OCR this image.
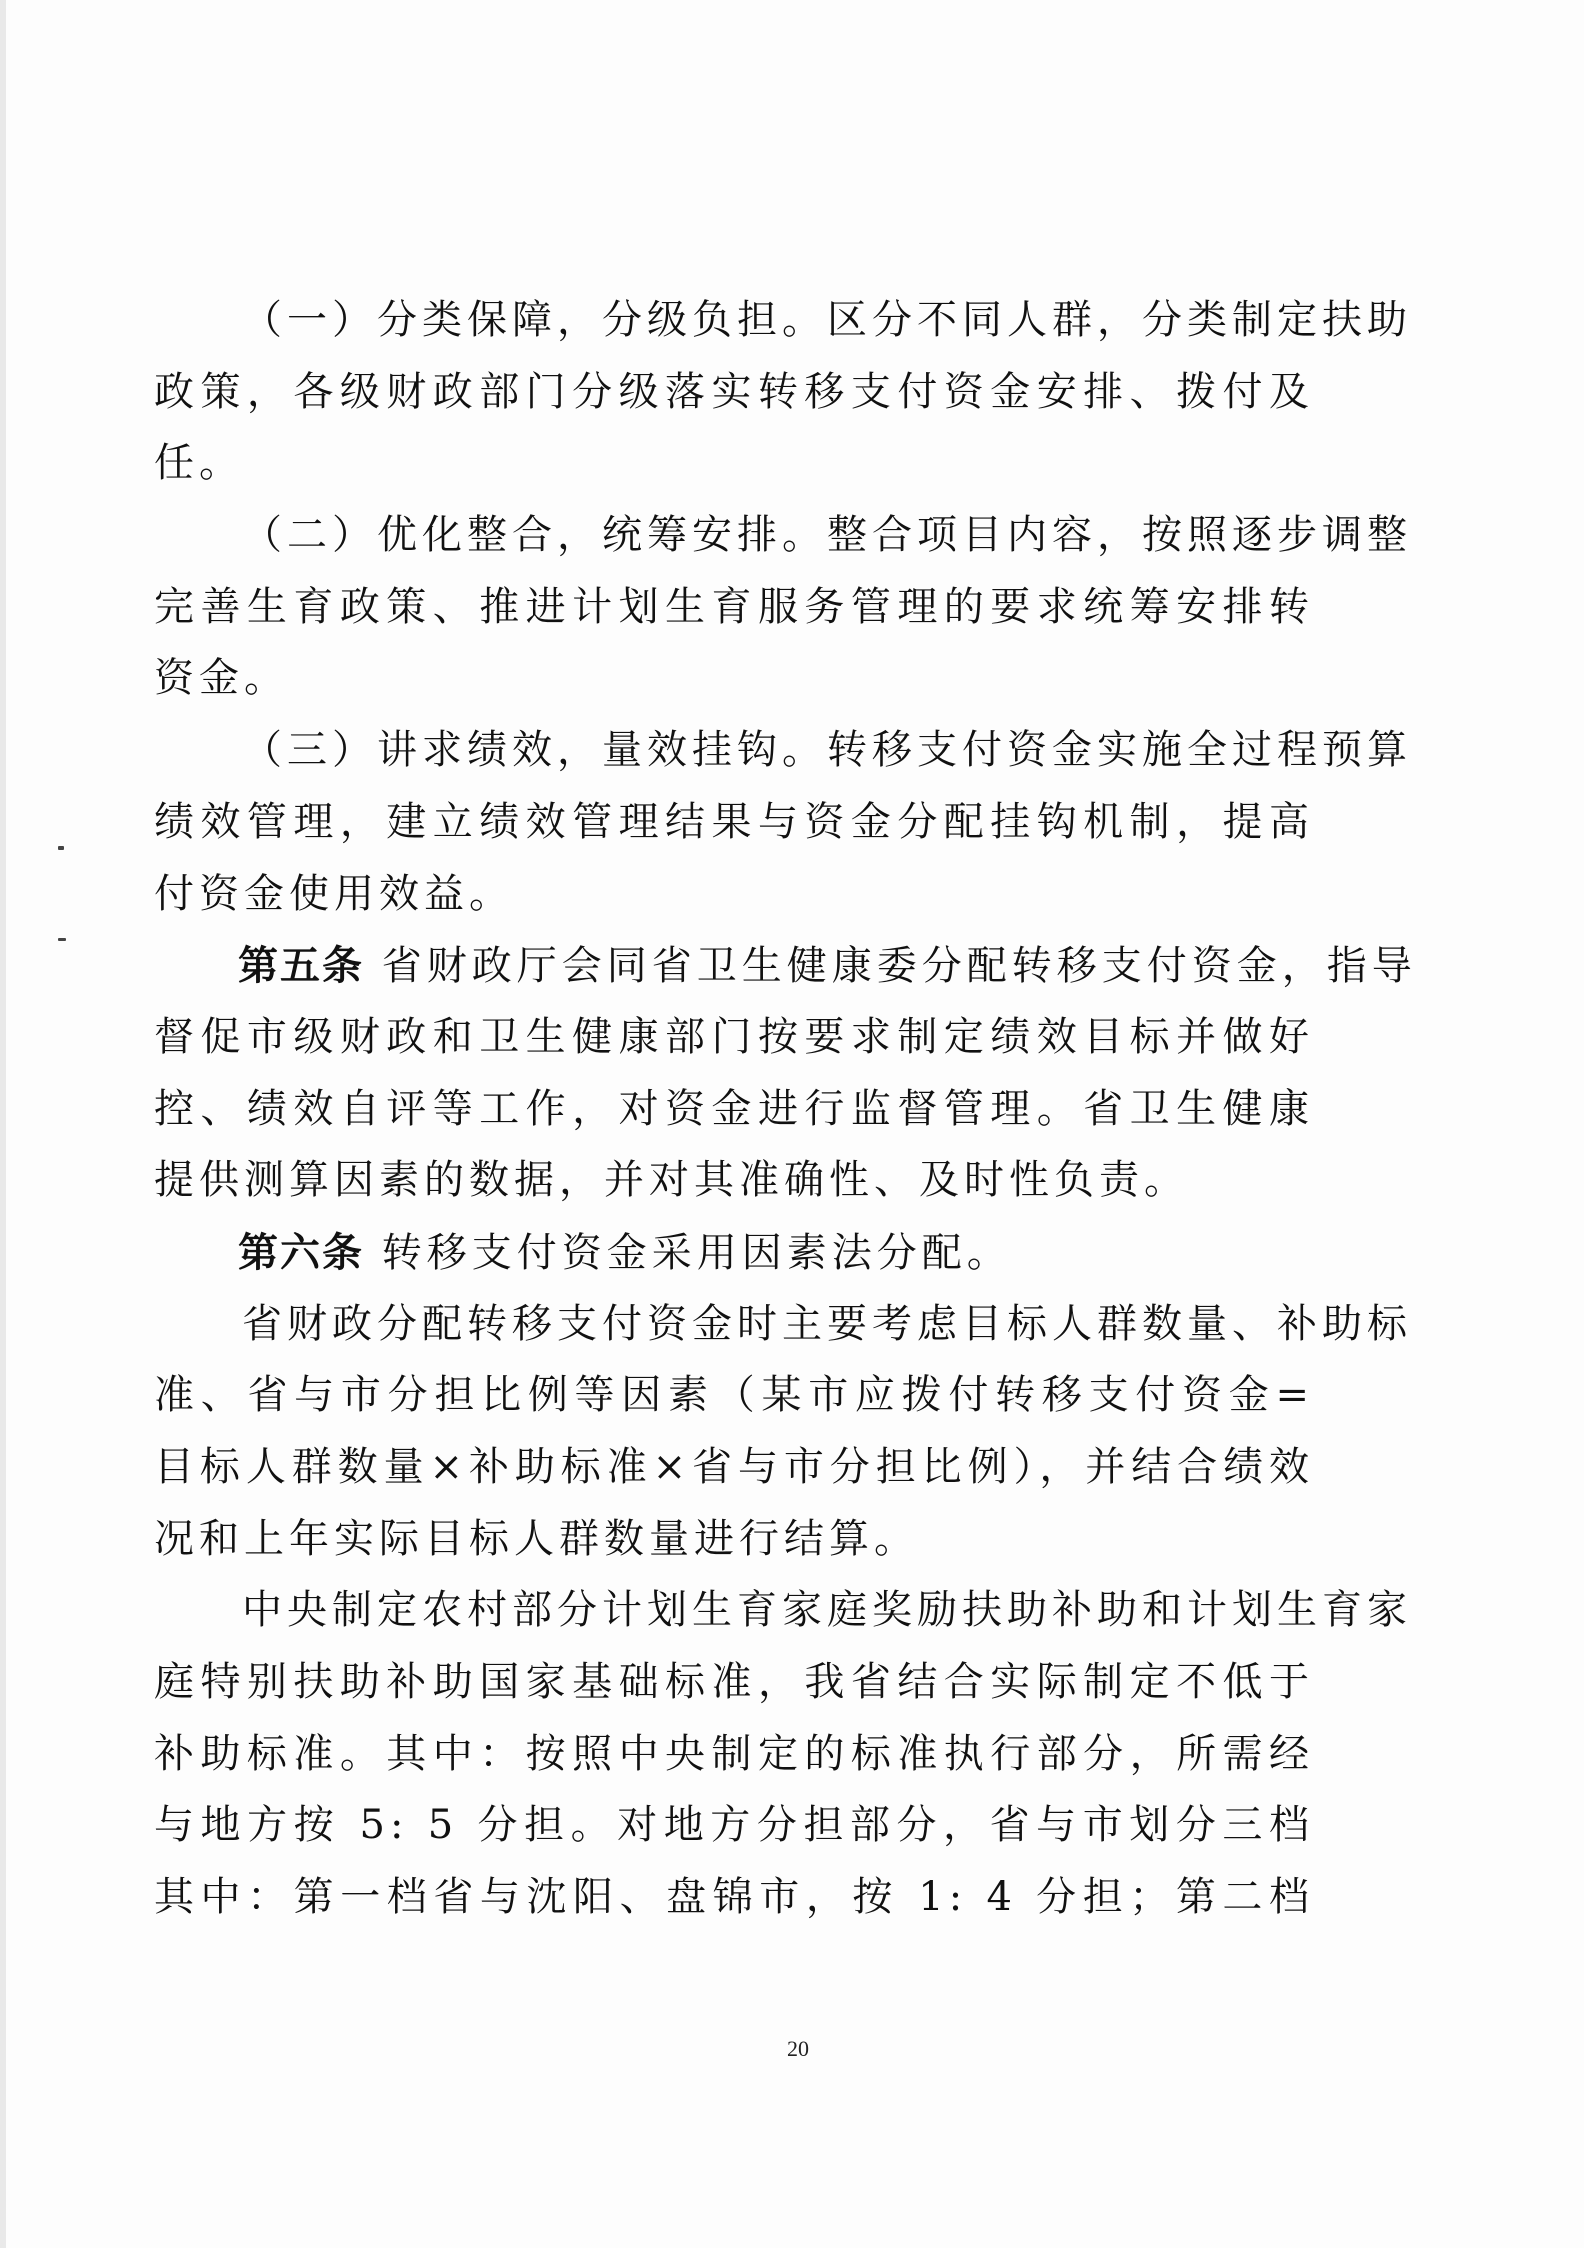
（一）分类保障，分级负担。区分不同人群，分类制定扶助
政策，各级财政部门分级落实转移支付资金安排、拨付及
任。
（二）优化整合，统筹安排。整合项目内容，按照逐步调整
完善生育政策、推进计划生育服务管理的要求统筹安排转
资金。
（三）讲求绩效，量效挂钩。转移支付资金实施全过程预算
绩效管理，建立绩效管理结果与资金分配挂钩机制，提高
付资金使用效益。
第五条 省财政厅会同省卫生健康委分配转移支付资金，指导
督促市级财政和卫生健康部门按要求制定绩效目标并做好
控、绩效自评等工作，对资金进行监督管理。省卫生健康
提供测算因素的数据，并对其准确性、及时性负责。
第六条 转移支付资金采用因素法分配。
省财政分配转移支付资金时主要考虑目标人群数量、补助标
准、省与市分担比例等因素（某市应拨付转移支付资金=
目标人群数量×补助标准×省与市分担比例），并结合绩效
况和上年实际目标人群数量进行结算。
中央制定农村部分计划生育家庭奖励扶助补助和计划生育家
庭特别扶助补助国家基础标准，我省结合实际制定不低于
补助标准。其中：按照中央制定的标准执行部分，所需经
与地方按 5: 5 分担。对地方分担部分，省与市划分三档
其中：第一档省与沈阳、盘锦市，按 1: 4 分担；第二档
20
